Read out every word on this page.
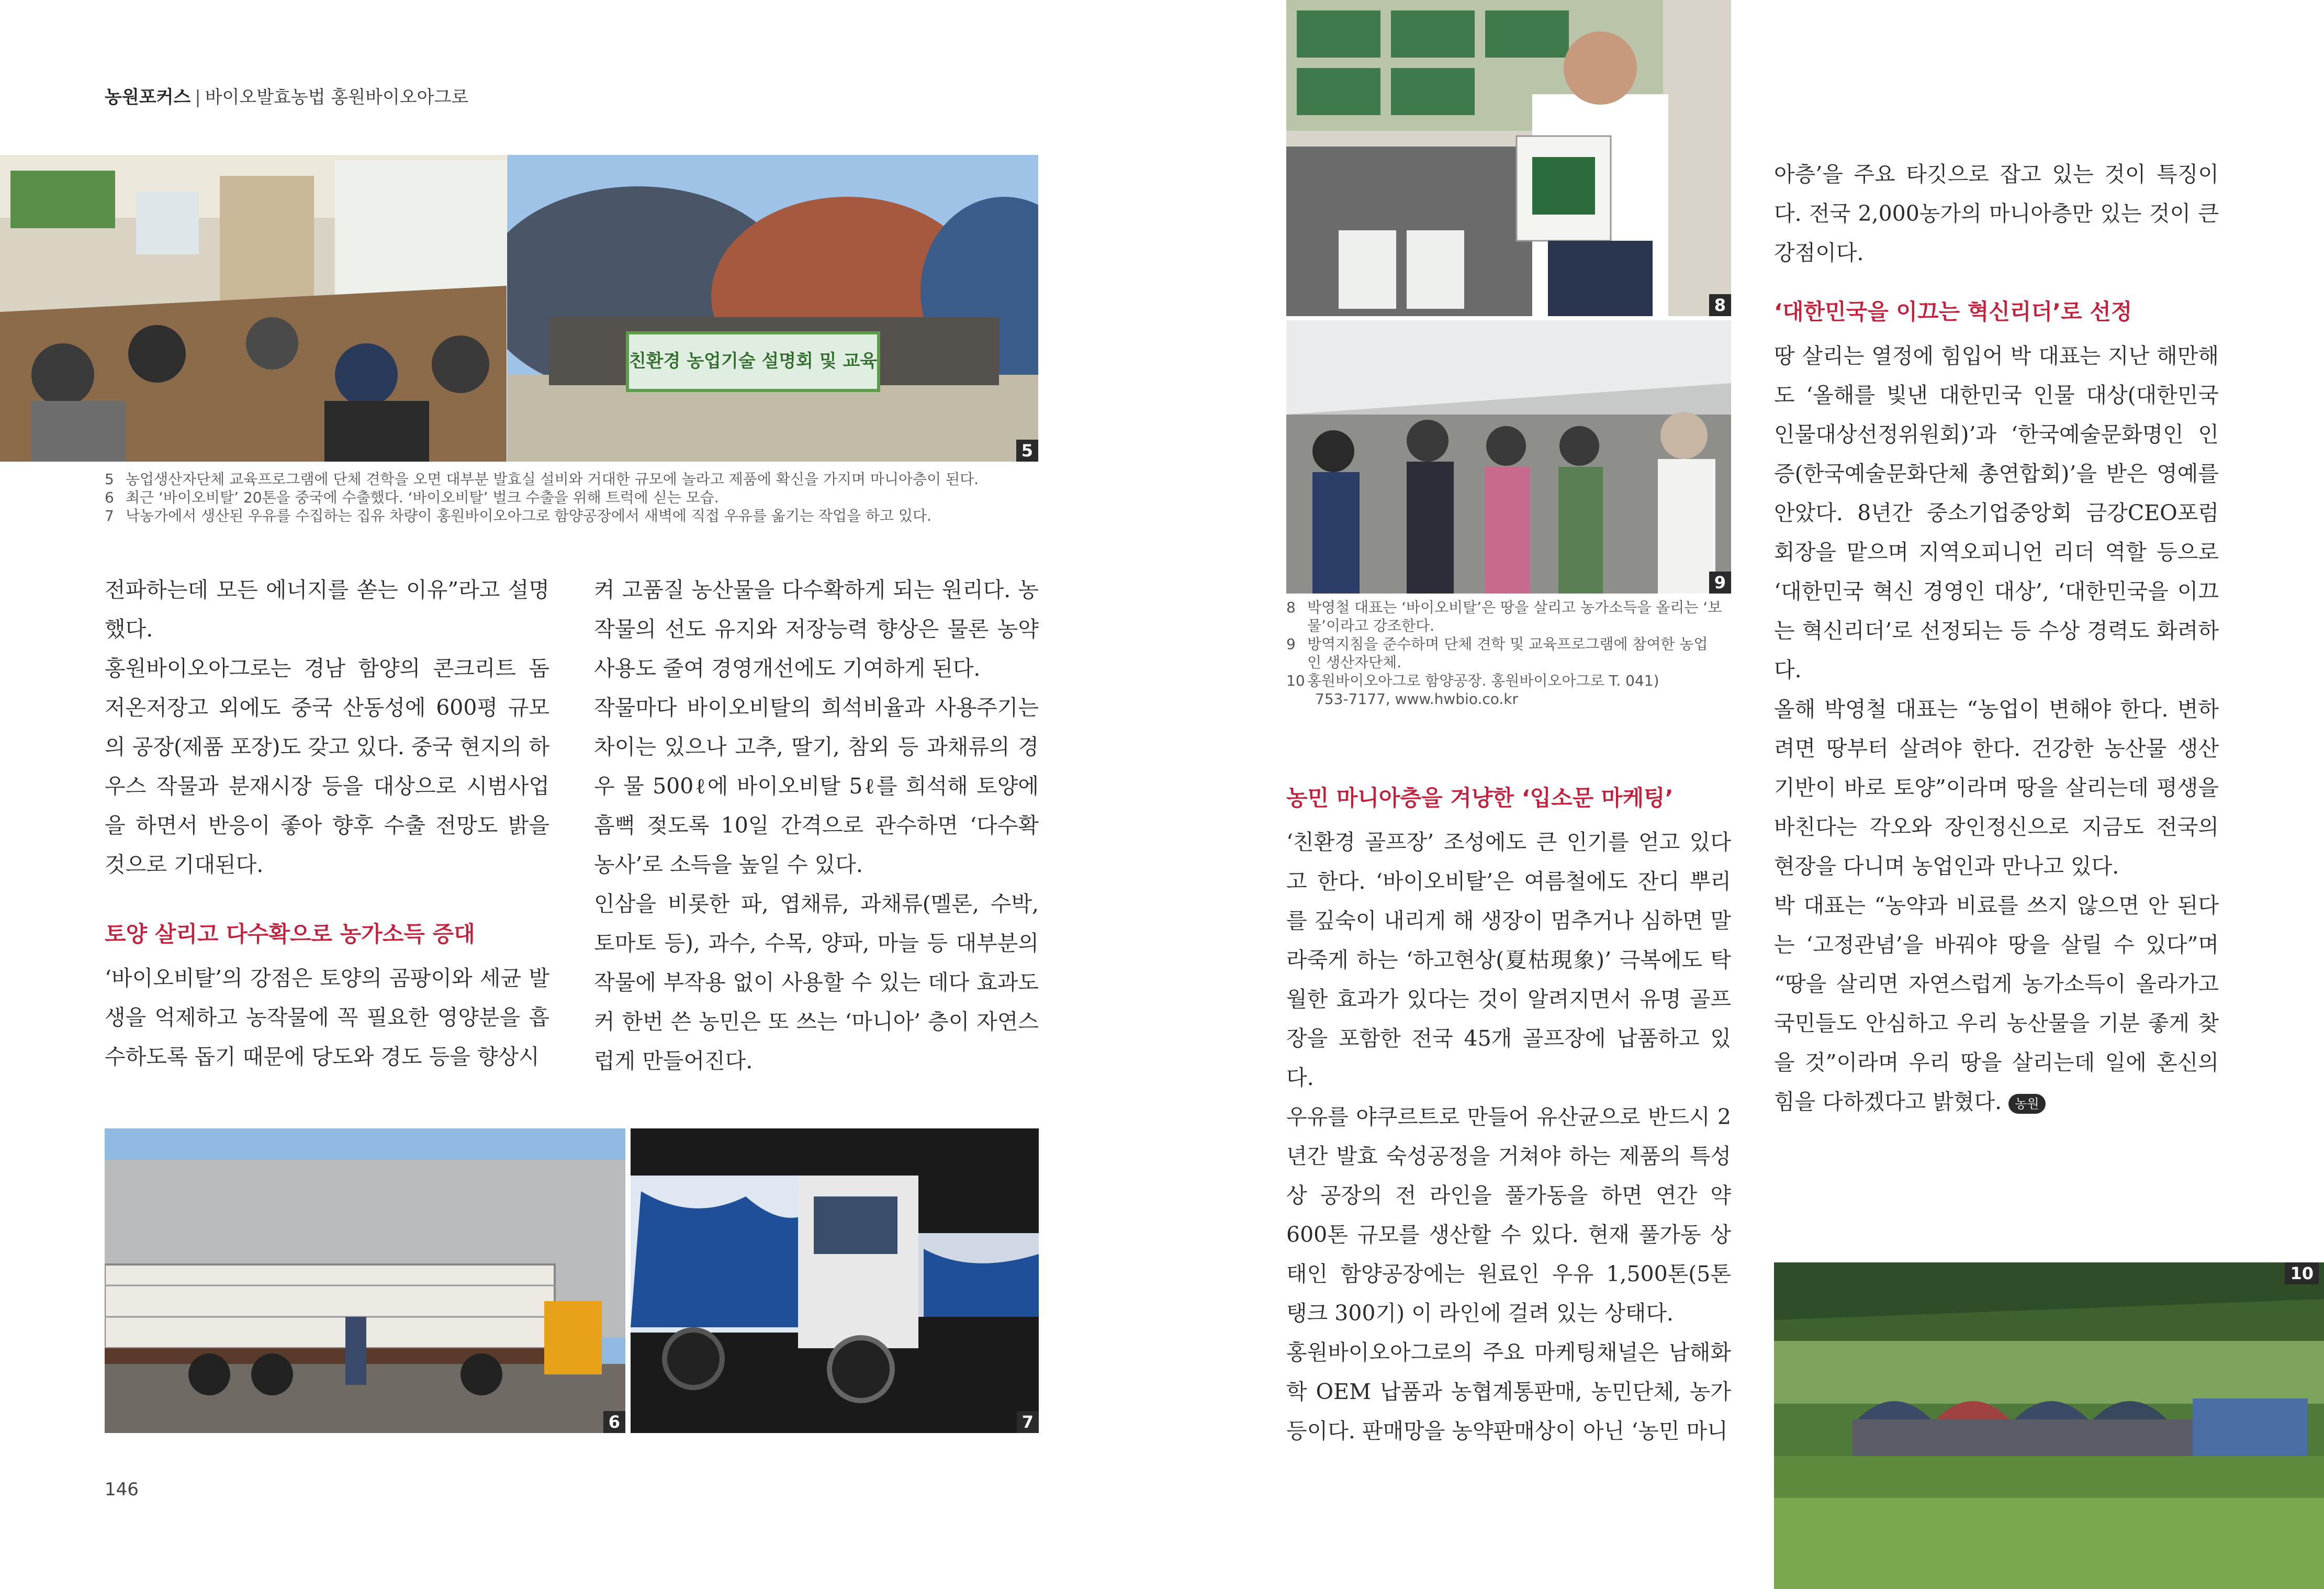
농원포커스 | 바이오발효농법 홍원바이오아그로
친환경 농업기술 설명회 및 교육
5
5 농업생산자단체 교육프로그램에 단체 견학을 오면 대부분 발효실 설비와 거대한 규모에 놀라고 제품에 확신을 가지며 마니아층이 된다.
6 최근 ‘바이오비탈’ 20톤을 중국에 수출했다. ‘바이오비탈’ 벌크 수출을 위해 트럭에 싣는 모습.
7 낙농가에서 생산된 우유를 수집하는 집유 차량이 홍원바이오아그로 함양공장에서 새벽에 직접 우유를 옮기는 작업을 하고 있다.

전파하는데 모든 에너지를 쏟는 이유”라고 설명했다.

홍원바이오아그로는 경남 함양의 콘크리트 돔 저온저장고 외에도 중국 산동성에 600평 규모의 공장(제품 포장)도 갖고 있다. 중국 현지의 하우스 작물과 분재시장 등을 대상으로 시범사업을 하면서 반응이 좋아 향후 수출 전망도 밝을 것으로 기대된다.

토양 살리고 다수확으로 농가소득 증대

‘바이오비탈’의 강점은 토양의 곰팡이와 세균 발생을 억제하고 농작물에 꼭 필요한 영양분을 흡수하도록 돕기 때문에 당도와 경도 등을 향상시

켜 고품질 농산물을 다수확하게 되는 원리다. 농작물의 선도 유지와 저장능력 향상은 물론 농약사용도 줄여 경영개선에도 기여하게 된다.

작물마다 바이오비탈의 희석비율과 사용주기는 차이는 있으나 고추, 딸기, 참외 등 과채류의 경우 물 500ℓ에 바이오비탈 5ℓ를 희석해 토양에 흠뻑 젖도록 10일 간격으로 관수하면 ‘다수확 농사’로 소득을 높일 수 있다.

인삼을 비롯한 파, 엽채류, 과채류(멜론, 수박, 토마토 등), 과수, 수목, 양파, 마늘 등 대부분의 작물에 부작용 없이 사용할 수 있는 데다 효과도 커 한번 쓴 농민은 또 쓰는 ‘마니아’ 층이 자연스럽게 만들어진다.

6	7
146
8
9
8 박영철 대표는 ‘바이오비탈’은 땅을 살리고 농가소득을 올리는 ‘보
물’이라고 강조한다.
9 방역지침을 준수하며 단체 견학 및 교육프로그램에 참여한 농업
인 생산자단체.
10 홍원바이오아그로 함양공장. 홍원바이오아그로 T. 041)
753-7177, www.hwbio.co.kr
농민 마니아층을 겨냥한 ‘입소문 마케팅’

‘친환경 골프장’ 조성에도 큰 인기를 얻고 있다고 한다. ‘바이오비탈’은 여름철에도 잔디 뿌리를 깊숙이 내리게 해 생장이 멈추거나 심하면 말라죽게 하는 ‘하고현상(夏枯現象)’ 극복에도 탁월한 효과가 있다는 것이 알려지면서 유명 골프장을 포함한 전국 45개 골프장에 납품하고 있다.

우유를 야쿠르트로 만들어 유산균으로 반드시 2년간 발효 숙성공정을 거쳐야 하는 제품의 특성상 공장의 전 라인을 풀가동을 하면 연간 약 600톤 규모를 생산할 수 있다. 현재 풀가동 상태인 함양공장에는 원료인 우유 1,500톤(5톤 탱크 300기) 이 라인에 걸려 있는 상태다.

홍원바이오아그로의 주요 마케팅채널은 남해화학 OEM 납품과 농협계통판매, 농민단체, 농가 등이다. 판매망을 농약판매상이 아닌 ‘농민 마니

아층’을 주요 타깃으로 잡고 있는 것이 특징이다. 전국 2,000농가의 마니아층만 있는 것이 큰 강점이다.

‘대한민국을 이끄는 혁신리더’로 선정

땅 살리는 열정에 힘입어 박 대표는 지난 해만해도 ‘올해를 빛낸 대한민국 인물 대상(대한민국 인물대상선정위원회)’과 ‘한국예술문화명인 인증(한국예술문화단체 총연합회)’을 받은 영예를 안았다. 8년간 중소기업중앙회 금강CEO포럼 회장을 맡으며 지역오피니언 리더 역할 등으로 ‘대한민국 혁신 경영인 대상’, ‘대한민국을 이끄는 혁신리더’로 선정되는 등 수상 경력도 화려하다.

올해 박영철 대표는 “농업이 변해야 한다. 변하려면 땅부터 살려야 한다. 건강한 농산물 생산 기반이 바로 토양”이라며 땅을 살리는데 평생을 바친다는 각오와 장인정신으로 지금도 전국의 현장을 다니며 농업인과 만나고 있다.

박 대표는 “농약과 비료를 쓰지 않으면 안 된다는 ‘고정관념’을 바꿔야 땅을 살릴 수 있다”며 “땅을 살리면 자연스럽게 농가소득이 올라가고 국민들도 안심하고 우리 농산물을 기분 좋게 찾을 것”이라며 우리 땅을 살리는데 일에 혼신의 힘을 다하겠다고 밝혔다. 농원

10
